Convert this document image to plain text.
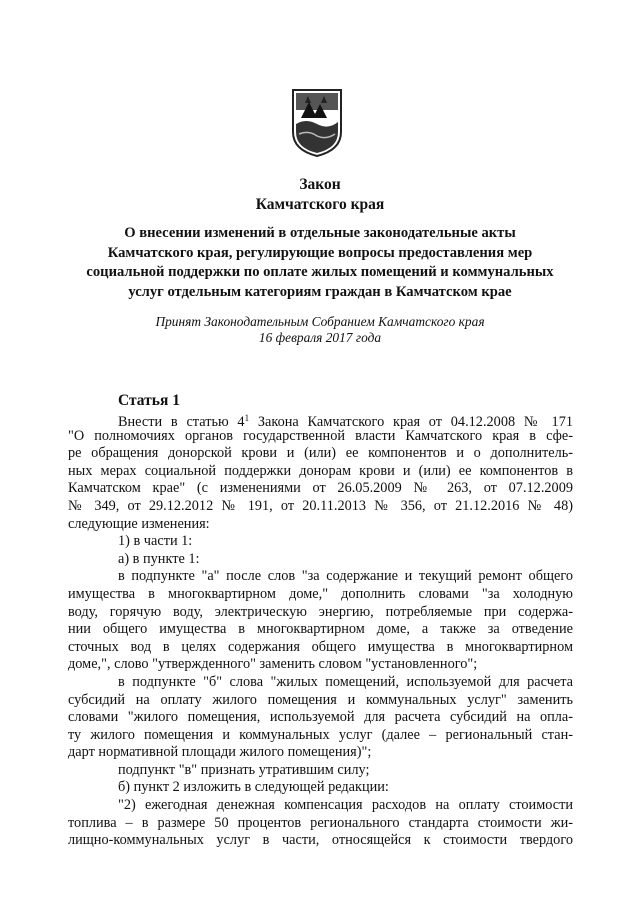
Закон
Камчатского края
О внесении изменений в отдельные законодательные акты
Камчатского края, регулирующие вопросы предоставления мер
социальной поддержки по оплате жилых помещений и коммунальных
услуг отдельным категориям граждан в Камчатском крае
Принят Законодательным Собранием Камчатского края
16 февраля 2017 года
Статья 1
Внести в статью $4^1$ Закона Камчатского края от 04.12.2008 № 171
"О полномочиях органов государственной власти Камчатского края в сфе-
ре обращения донорской крови и (или) ее компонентов и о дополнитель-
ных мерах социальной поддержки донорам крови и (или) ее компонентов в
Камчатском крае" (с изменениями от 26.05.2009 № 263, от 07.12.2009
№ 349, от 29.12.2012 № 191, от 20.11.2013 № 356, от 21.12.2016 № 48)
следующие изменения:
1) в части 1:
а) в пункте 1:
в подпункте "а" после слов "за содержание и текущий ремонт общего
имущества в многоквартирном доме," дополнить словами "за холодную
воду, горячую воду, электрическую энергию, потребляемые при содержа-
нии общего имущества в многоквартирном доме, а также за отведение
сточных вод в целях содержания общего имущества в многоквартирном
доме,", слово "утвержденного" заменить словом "установленного";
в подпункте "б" слова "жилых помещений, используемой для расчета
субсидий на оплату жилого помещения и коммунальных услуг" заменить
словами "жилого помещения, используемой для расчета субсидий на опла-
ту жилого помещения и коммунальных услуг (далее – региональный стан-
дарт нормативной площади жилого помещения)";
подпункт "в" признать утратившим силу;
б) пункт 2 изложить в следующей редакции:
"2) ежегодная денежная компенсация расходов на оплату стоимости
топлива – в размере 50 процентов регионального стандарта стоимости жи-
лищно-коммунальных услуг в части, относящейся к стоимости твердого
